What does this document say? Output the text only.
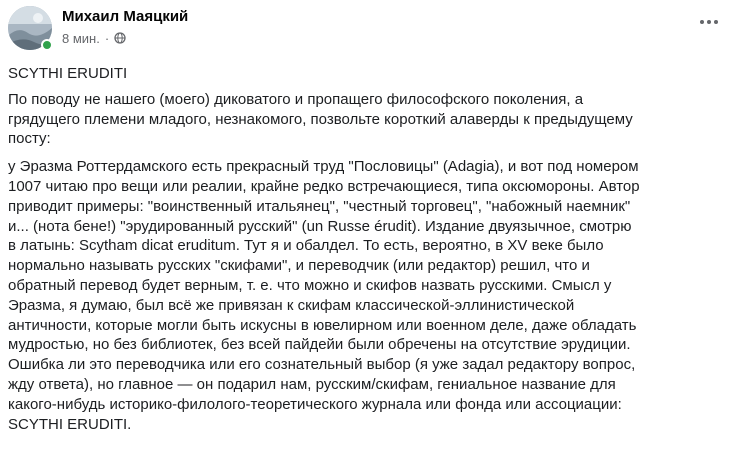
Михаил Маяцкий
8 мин. ·

SCYTHI ERUDITI

По поводу не нашего (моего) диковатого и пропащего философского поколения, а
грядущего племени младого, незнакомого, позвольте короткий алаверды к предыдущему
посту:

у Эразма Роттердамского есть прекрасный труд "Пословицы" (Adagia), и вот под номером
1007 читаю про вещи или реалии, крайне редко встречающиеся, типа оксюмороны. Автор
приводит примеры: "воинственный итальянец", "честный торговец", "набожный наемник"
и... (нота бене!) "эрудированный русский" (un Russe érudit). Издание двуязычное, смотрю
в латынь: Scytham dicat eruditum. Тут я и обалдел. То есть, вероятно, в XV веке было
нормально называть русских "скифами", и переводчик (или редактор) решил, что и
обратный перевод будет верным, т. е. что можно и скифов назвать русскими. Смысл у
Эразма, я думаю, был всё же привязан к скифам классической-эллинистической
античности, которые могли быть искусны в ювелирном или военном деле, даже обладать
мудростью, но без библиотек, без всей пайдейи были обречены на отсутствие эрудиции.
Ошибка ли это переводчика или его сознательный выбор (я уже задал редактору вопрос,
жду ответа), но главное — он подарил нам, русским/скифам, гениальное название для
какого-нибудь историко-филолого-теоретического журнала или фонда или ассоциации:
SCYTHI ERUDITI.
